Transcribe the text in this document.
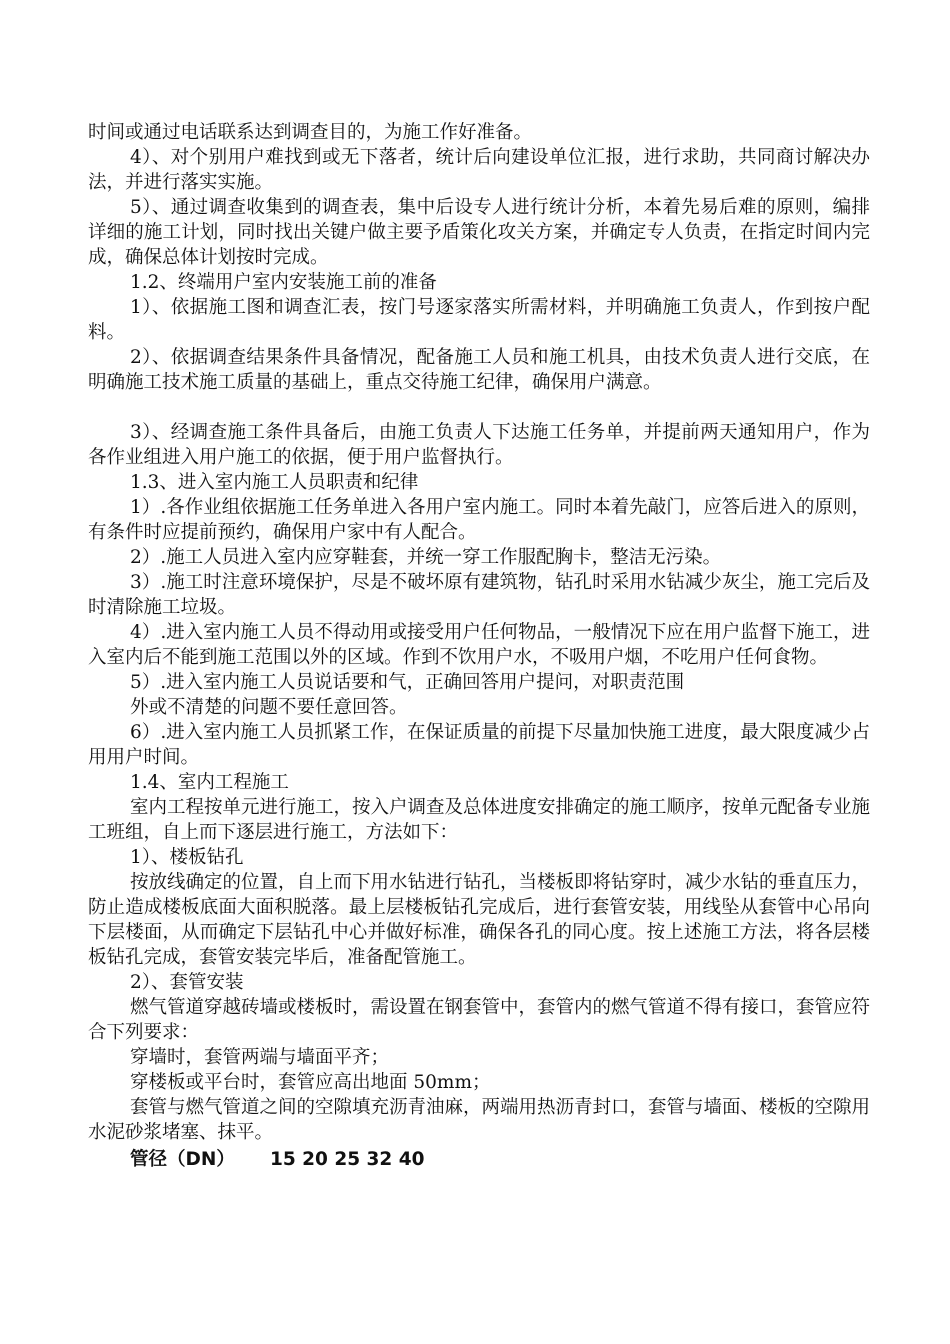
时间或通过电话联系达到调查目的，为施工作好准备。

4）、对个别用户难找到或无下落者，统计后向建设单位汇报，进行求助，共同商讨解决办法，并进行落实实施。

5）、通过调查收集到的调查表，集中后设专人进行统计分析，本着先易后难的原则，编排详细的施工计划，同时找出关键户做主要予盾策化攻关方案，并确定专人负责，在指定时间内完成，确保总体计划按时完成。

1.2、终端用户室内安装施工前的准备

1）、依据施工图和调查汇表，按门号逐家落实所需材料，并明确施工负责人，作到按户配料。

2）、依据调查结果条件具备情况，配备施工人员和施工机具，由技术负责人进行交底，在明确施工技术施工质量的基础上，重点交待施工纪律，确保用户满意。

3）、经调查施工条件具备后，由施工负责人下达施工任务单，并提前两天通知用户，作为各作业组进入用户施工的依据，便于用户监督执行。

1.3、进入室内施工人员职责和纪律

1）.各作业组依据施工任务单进入各用户室内施工。同时本着先敲门，应答后进入的原则，有条件时应提前预约，确保用户家中有人配合。

2）.施工人员进入室内应穿鞋套，并统一穿工作服配胸卡，整洁无污染。

3）.施工时注意环境保护，尽是不破坏原有建筑物，钻孔时采用水钻减少灰尘，施工完后及时清除施工垃圾。

4）.进入室内施工人员不得动用或接受用户任何物品，一般情况下应在用户监督下施工，进入室内后不能到施工范围以外的区域。作到不饮用户水，不吸用户烟，不吃用户任何食物。

5）.进入室内施工人员说话要和气，正确回答用户提问，对职责范围

外或不清楚的问题不要任意回答。

6）.进入室内施工人员抓紧工作，在保证质量的前提下尽量加快施工进度，最大限度减少占用用户时间。

1.4、室内工程施工

室内工程按单元进行施工，按入户调查及总体进度安排确定的施工顺序，按单元配备专业施工班组，自上而下逐层进行施工，方法如下：

1）、楼板钻孔

按放线确定的位置，自上而下用水钻进行钻孔，当楼板即将钻穿时，减少水钻的垂直压力，防止造成楼板底面大面积脱落。最上层楼板钻孔完成后，进行套管安装，用线坠从套管中心吊向下层楼面，从而确定下层钻孔中心并做好标准，确保各孔的同心度。按上述施工方法，将各层楼板钻孔完成，套管安装完毕后，准备配管施工。

2）、套管安装

燃气管道穿越砖墙或楼板时，需设置在钢套管中，套管内的燃气管道不得有接口，套管应符合下列要求：

穿墙时，套管两端与墙面平齐；

穿楼板或平台时，套管应高出地面 50mm；

套管与燃气管道之间的空隙填充沥青油麻，两端用热沥青封口，套管与墙面、楼板的空隙用水泥砂浆堵塞、抹平。

管径（DN） 15 20 25 32 40
